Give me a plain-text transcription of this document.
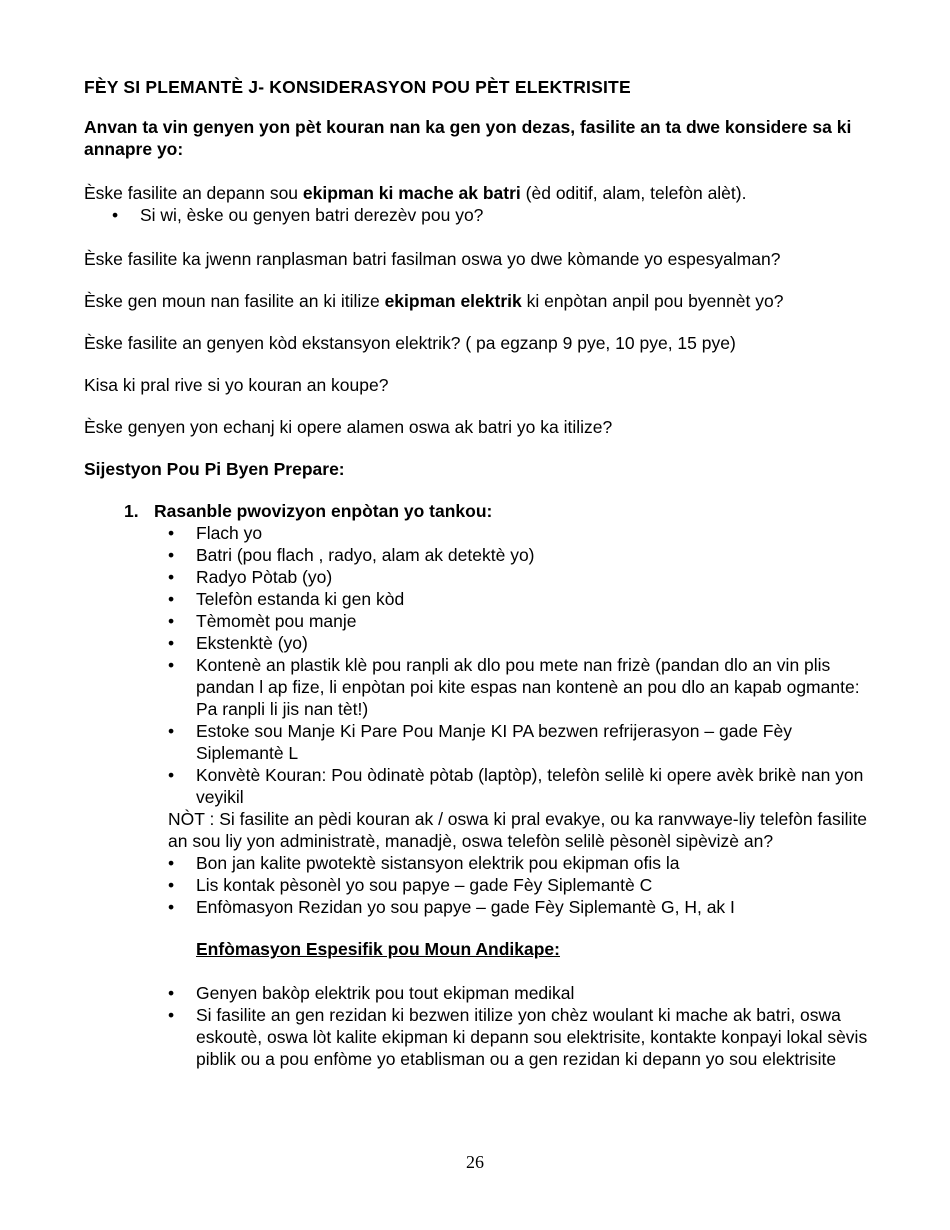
FÈY SI PLEMANTÈ J- KONSIDERASYON POU PÈT ELEKTRISITE

Anvan ta vin genyen yon pèt kouran nan ka gen yon dezas, fasilite an ta dwe konsidere sa ki annapre yo:

Èske fasilite an depann sou ekipman ki mache ak batri (èd oditif, alam, telefòn alèt).

• Si wi, èske ou genyen batri derezèv pou yo?

Èske fasilite ka jwenn ranplasman batri fasilman oswa yo dwe kòmande yo espesyalman?

Èske gen moun nan fasilite an ki itilize ekipman elektrik ki enpòtan anpil pou byennèt yo?

Èske fasilite an genyen kòd ekstansyon elektrik? ( pa egzanp 9 pye, 10 pye, 15 pye)

Kisa ki pral rive si yo kouran an koupe?

Èske genyen yon echanj ki opere alamen oswa ak batri yo ka itilize?

Sijestyon Pou Pi Byen Prepare:

1. Rasanble pwovizyon enpòtan yo tankou:

• Flach yo
• Batri (pou flach , radyo, alam ak detektè yo)
• Radyo Pòtab (yo)
• Telefòn estanda ki gen kòd
• Tèmomèt pou manje
• Ekstenktè (yo)
• Kontenè an plastik klè pou ranpli ak dlo pou mete nan frizè (pandan dlo an vin plis pandan l ap fize, li enpòtan poi kite espas nan kontenè an pou dlo an kapab ogmante: Pa ranpli li jis nan tèt!)
• Estoke sou Manje Ki Pare Pou Manje KI PA bezwen refrijerasyon – gade Fèy Siplemantè L
• Konvètè Kouran: Pou òdinatè pòtab (laptòp), telefòn selilè ki opere avèk brikè nan yon veyikil

NÒT : Si fasilite an pèdi kouran ak / oswa ki pral evakye, ou ka ranvwaye-liy telefòn fasilite an sou liy yon administratè, manadjè, oswa telefòn selilè pèsonèl sipèvizè an?

• Bon jan kalite pwotektè sistansyon elektrik pou ekipman ofis la
• Lis kontak pèsonèl yo sou papye – gade Fèy Siplemantè C
• Enfòmasyon Rezidan yo sou papye – gade Fèy Siplemantè G, H, ak I

Enfòmasyon Espesifik pou Moun Andikape:

• Genyen bakòp elektrik pou tout ekipman medikal
• Si fasilite an gen rezidan ki bezwen itilize yon chèz woulant ki mache ak batri, oswa eskoutè, oswa lòt kalite ekipman ki depann sou elektrisite, kontakte konpayi lokal sèvis piblik ou a pou enfòme yo etablisman ou a gen rezidan ki depann yo sou elektrisite
26
